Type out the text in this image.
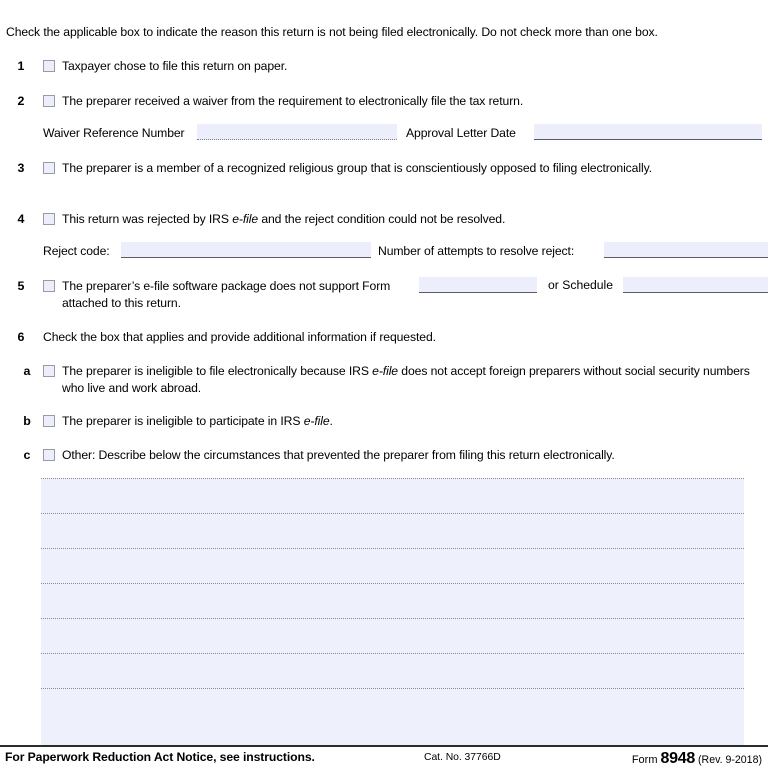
Check the applicable box to indicate the reason this return is not being filed electronically. Do not check more than one box.
1	Taxpayer chose to file this return on paper.
2	The preparer received a waiver from the requirement to electronically file the tax return.
Waiver Reference Number	Approval Letter Date
3	The preparer is a member of a recognized religious group that is conscientiously opposed to filing electronically.
4	This return was rejected by IRS e-file and the reject condition could not be resolved.
Reject code:	Number of attempts to resolve reject:
5	The preparer’s e-file software package does not support Form	or Schedule
attached to this return.
6 Check the box that applies and provide additional information if requested.
a	The preparer is ineligible to file electronically because IRS e-file does not accept foreign preparers without social security numbers who live and work abroad.
b	The preparer is ineligible to participate in IRS e-file.
c	Other: Describe below the circumstances that prevented the preparer from filing this return electronically.
For Paperwork Reduction Act Notice, see instructions.	Cat. No. 37766D	Form 8948 (Rev. 9-2018)
